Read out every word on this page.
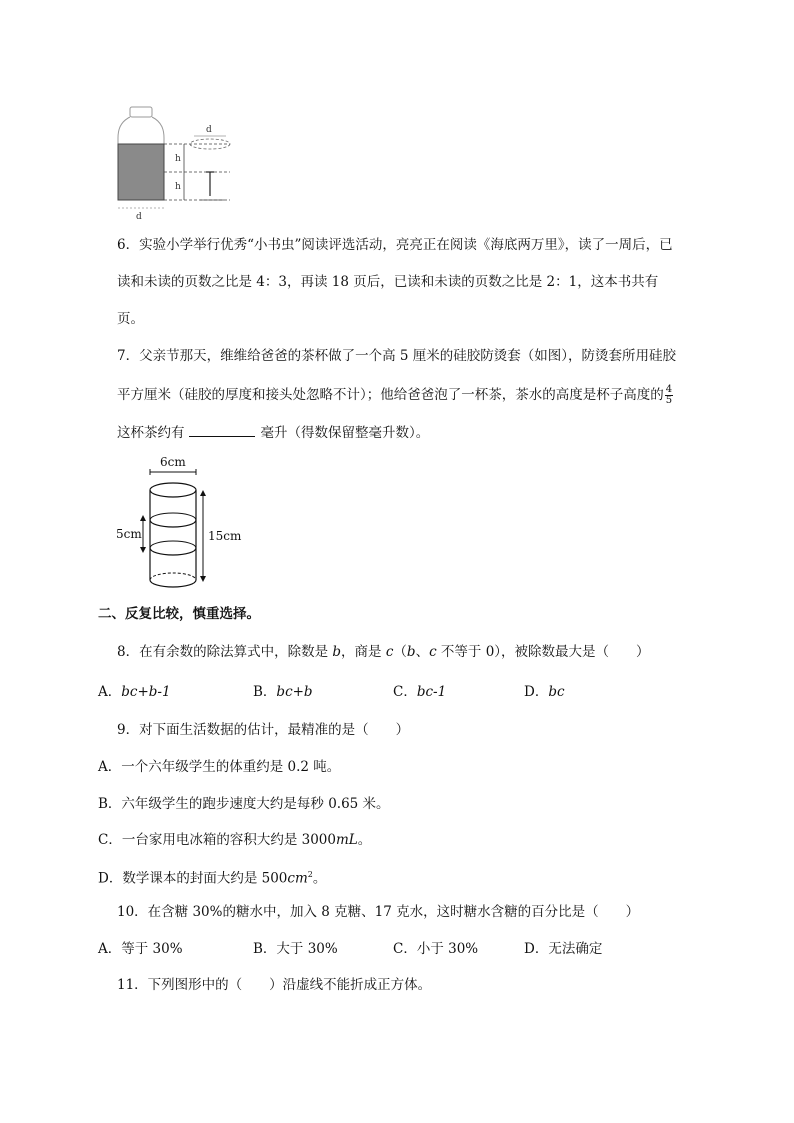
h
h
d
d
6．实验小学举行优秀“小书虫”阅读评选活动，亮亮正在阅读《海底两万里》，读了一周后，已
读和未读的页数之比是 4：3，再读 18 页后，已读和未读的页数之比是 2：1，这本书共有
页。
7．父亲节那天，维维给爸爸的茶杯做了一个高 5 厘米的硅胶防烫套（如图），防烫套所用硅胶
平方厘米（硅胶的厚度和接头处忽略不计）；他给爸爸泡了一杯茶，茶水的高度是杯子高度的 $\frac{4}{5}$
这杯茶约有	毫升（得数保留整毫升数）。
6cm
5cm	15cm
二、反复比较，慎重选择。
8．在有余数的除法算式中，除数是 b，商是 c（b、c 不等于 0），被除数最大是（　　）
A．bc+b-1	B．bc+b	C．bc-1	D．bc
9．对下面生活数据的估计，最精准的是（　　）
A．一个六年级学生的体重约是 0.2 吨。
B．六年级学生的跑步速度大约是每秒 0.65 米。
C．一台家用电冰箱的容积大约是 3000mL。
D．数学课本的封面大约是 $500cm^2$。
10．在含糖 30%的糖水中，加入 8 克糖、17 克水，这时糖水含糖的百分比是（　　）
A．等于 30%	B．大于 30%	C．小于 30%	D．无法确定
11．下列图形中的（　　）沿虚线不能折成正方体。
